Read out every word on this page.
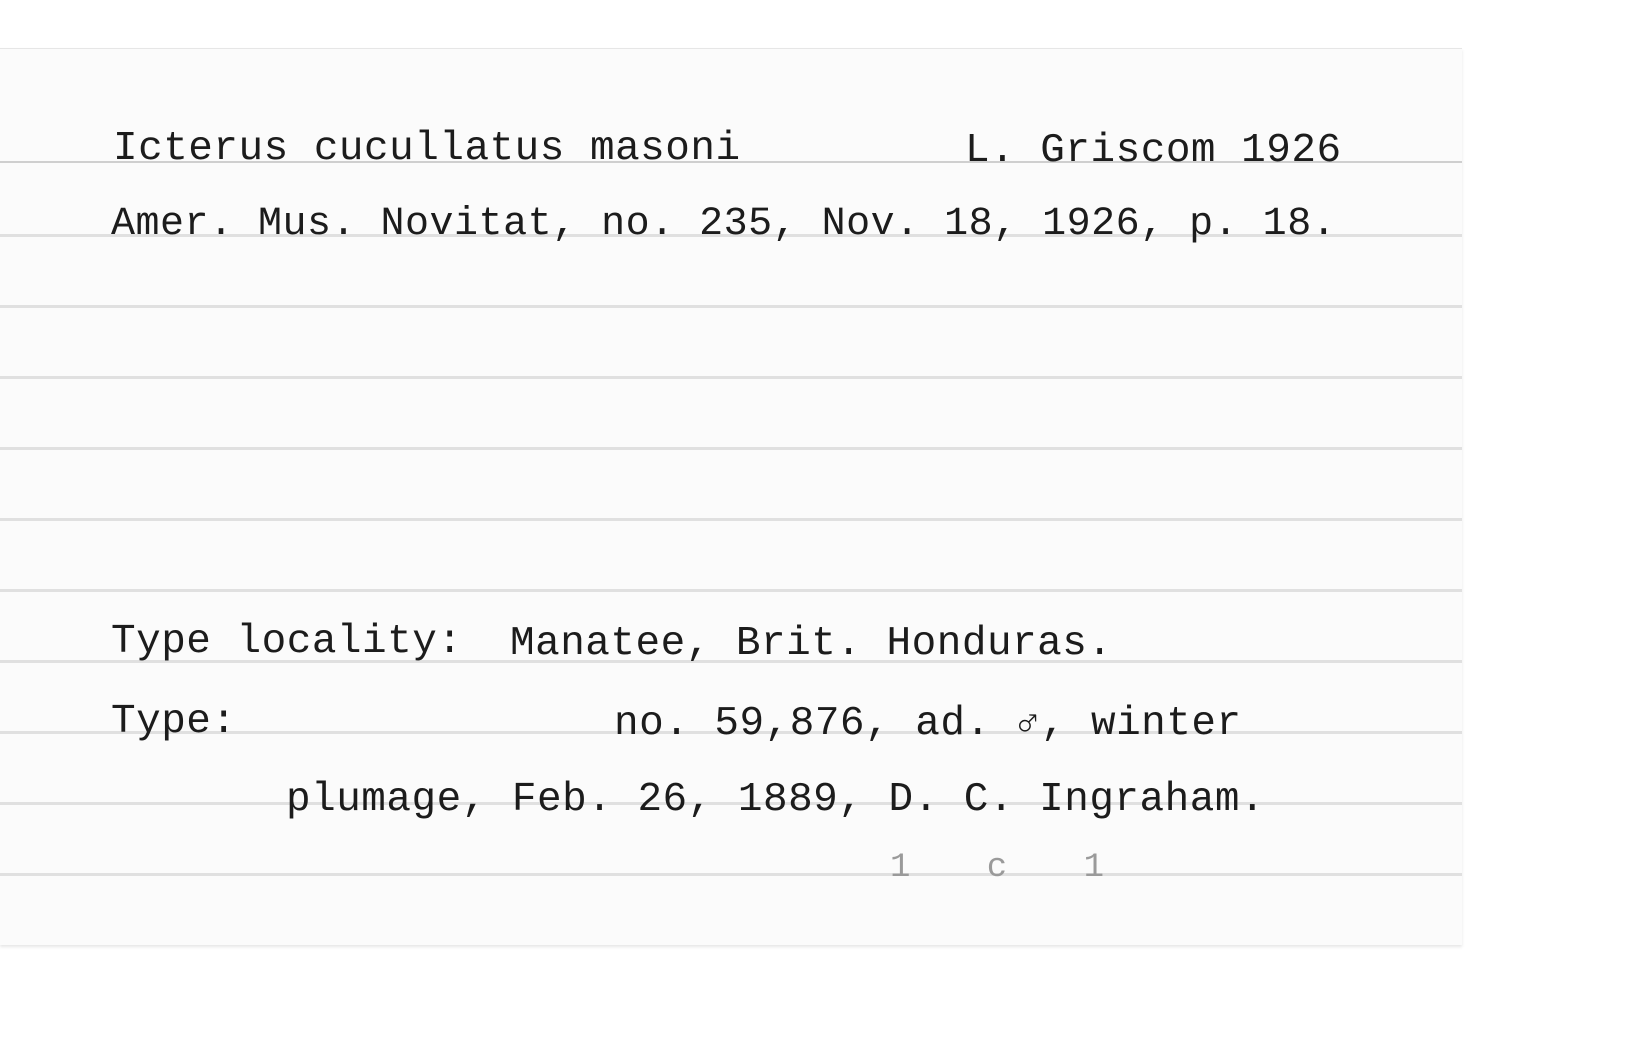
Icterus cucullatus masoni	L. Griscom 1926
Amer. Mus. Novitat, no. 235, Nov. 18, 1926, p. 18.
Type locality: Manatee, Brit. Honduras.
Type:	no. 59,876, ad. ♂, winter
plumage, Feb. 26, 1889, D. C. Ingraham.
1 c 1
